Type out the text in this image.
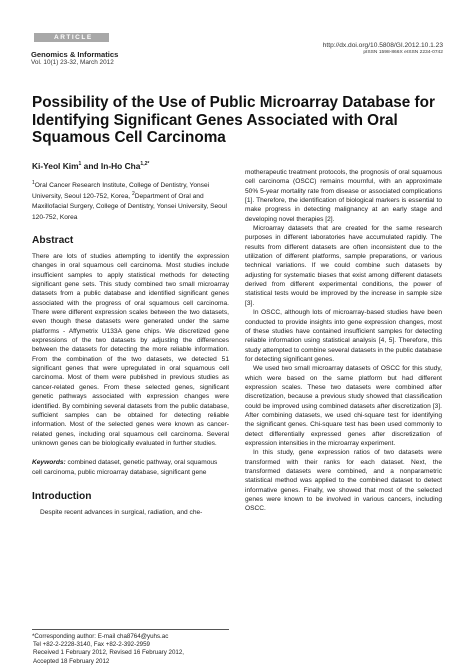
ARTICLE
Genomics & Informatics
Vol. 10(1) 23-32, March 2012
http://dx.doi.org/10.5808/GI.2012.10.1.23
pISSN 1598-866X eISSN 2234-0742
Possibility of the Use of Public Microarray Database for Identifying Significant Genes Associated with Oral Squamous Cell Carcinoma

Ki-Yeol Kim$^1$ and In-Ho Cha$^{1,2*}$

$^1$Oral Cancer Research Institute, College of Dentistry, Yonsei University, Seoul 120-752, Korea, $^2$Department of Oral and Maxillofacial Surgery, College of Dentistry, Yonsei University, Seoul 120-752, Korea

Abstract

There are lots of studies attempting to identify the expression changes in oral squamous cell carcinoma. Most studies include insufficient samples to apply statistical methods for detecting significant gene sets. This study combined two small microarray datasets from a public database and identified significant genes associated with the progress of oral squamous cell carcinoma. There were different expression scales between the two datasets, even though these datasets were generated under the same platforms - Affymetrix U133A gene chips. We discretized gene expressions of the two datasets by adjusting the differences between the datasets for detecting the more reliable information. From the combination of the two datasets, we detected 51 significant genes that were upregulated in oral squamous cell carcinoma. Most of them were published in previous studies as cancer-related genes. From these selected genes, significant genetic pathways associated with expression changes were identified. By combining several datasets from the public database, sufficient samples can be obtained for detecting reliable information. Most of the selected genes were known as cancer-related genes, including oral squamous cell carcinoma. Several unknown genes can be biologically evaluated in further studies.

Keywords: combined dataset, genetic pathway, oral squamous cell carcinoma, public microarray database, significant gene

Introduction

Despite recent advances in surgical, radiation, and che-

*Corresponding author: E-mail cha8764@yuhs.ac
Tel +82-2-2228-3140, Fax +82-2-392-2959
Received 1 February 2012, Revised 16 February 2012,
Accepted 18 February 2012

motherapeutic treatment protocols, the prognosis of oral squamous cell carcinoma (OSCC) remains mournful, with an approximate 50% 5-year mortality rate from disease or associated complications [1]. Therefore, the identification of biological markers is essential to make progress in detecting malignancy at an early stage and developing novel therapies [2].

Microarray datasets that are created for the same research purposes in different laboratories have accumulated rapidly. The results from different datasets are often inconsistent due to the utilization of different platforms, sample preparations, or various technical variations. If we could combine such datasets by adjusting for systematic biases that exist among different datasets derived from different experimental conditions, the power of statistical tests would be improved by the increase in sample size [3].

In OSCC, although lots of microarray-based studies have been conducted to provide insights into gene expression changes, most of these studies have contained insufficient samples for detecting reliable information using statistical analysis [4, 5]. Therefore, this study attempted to combine several datasets in the public database for detecting significant genes.

We used two small microarray datasets of OSCC for this study, which were based on the same platform but had different expression scales. These two datasets were combined after discretization, because a previous study showed that classification could be improved using combined datasets after discretization [3]. After combining datasets, we used chi-square test for identifying the significant genes. Chi-square test has been used commonly to detect differentially expressed genes after discretization of expression intensities in the microarray experiment.

In this study, gene expression ratios of two datasets were transformed with their ranks for each dataset. Next, the transformed datasets were combined, and a nonparametric statistical method was applied to the combined dataset to detect informative genes. Finally, we showed that most of the selected genes were known to be involved in various cancers, including OSCC.
